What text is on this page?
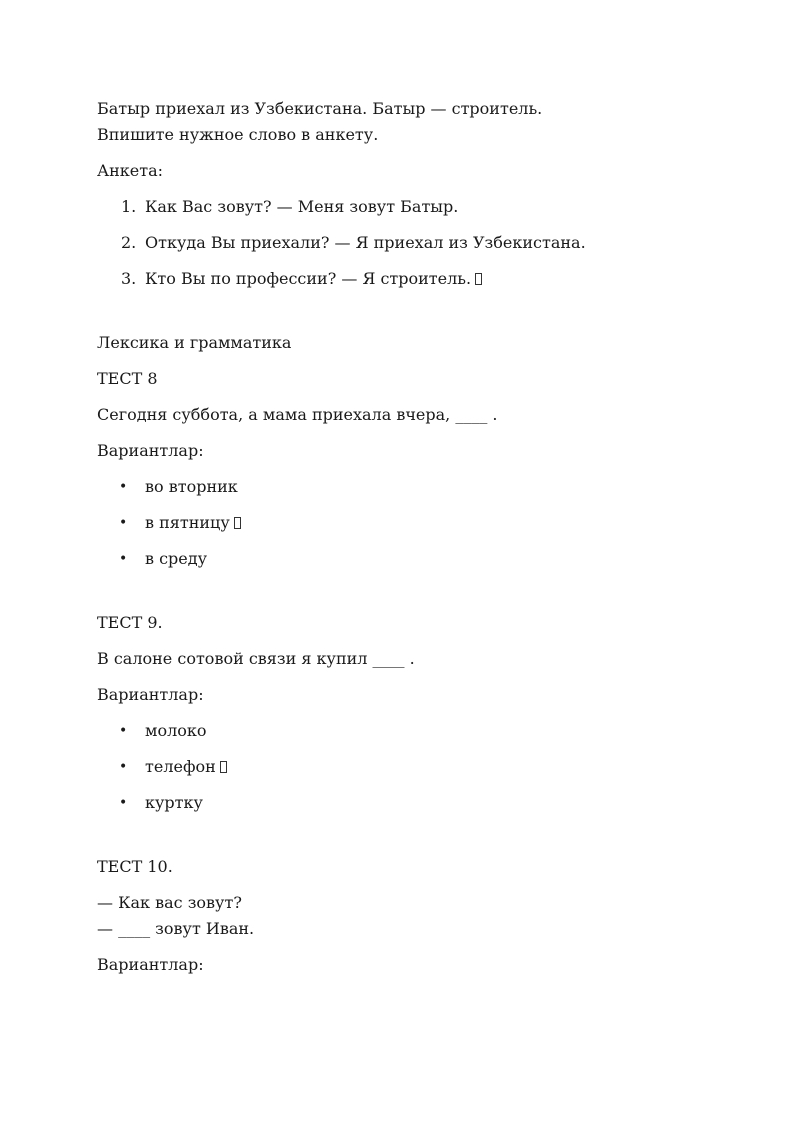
Батыр приехал из Узбекистана. Батыр — строитель.

Впишите нужное слово в анкету.

Анкета:

1. Как Вас зовут? — Меня зовут Батыр.
2. Откуда Вы приехали? — Я приехал из Узбекистана.
3. Кто Вы по профессии? — Я строитель.

Лексика и грамматика

ТЕСТ 8

Сегодня суббота, а мама приехала вчера, ____ .

Вариантлар:

• во вторник
• в пятницу
• в среду

ТЕСТ 9.

В салоне сотовой связи я купил ____ .

Вариантлар:

• молоко
• телефон
• куртку

ТЕСТ 10.

— Как вас зовут?

— ____ зовут Иван.

Вариантлар:
